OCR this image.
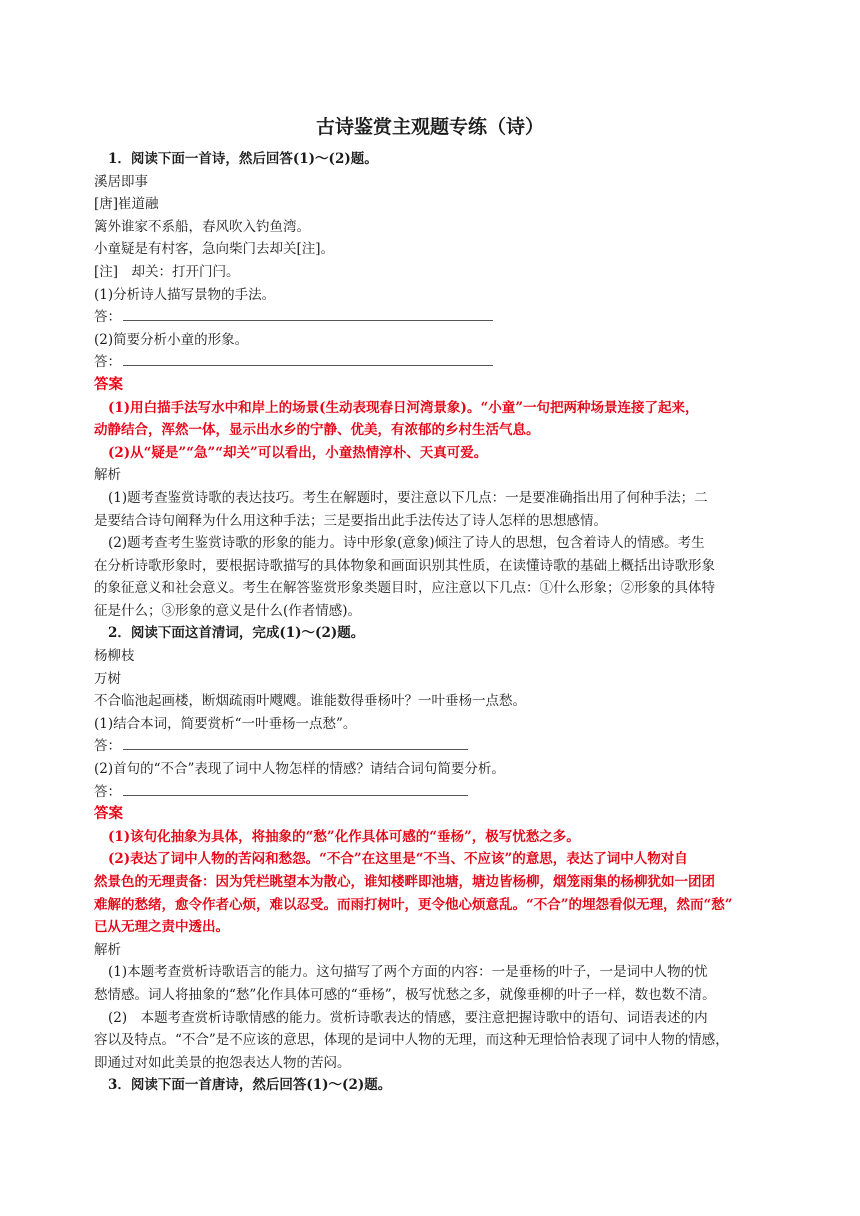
古诗鉴赏主观题专练（诗）
1．阅读下面一首诗，然后回答(1)～(2)题。
溪居即事
[唐]崔道融
篱外谁家不系船，春风吹入钓鱼湾。
小童疑是有村客，急向柴门去却关[注]。
[注]　却关：打开门闩。
(1)分析诗人描写景物的手法。
答：
(2)简要分析小童的形象。
答：
答案
(1)用白描手法写水中和岸上的场景(生动表现春日河湾景象)。“小童”一句把两种场景连接了起来，
动静结合，浑然一体，显示出水乡的宁静、优美，有浓郁的乡村生活气息。
(2)从“疑是”“急”“却关”可以看出，小童热情淳朴、天真可爱。
解析
(1)题考查鉴赏诗歌的表达技巧。考生在解题时，要注意以下几点：一是要准确指出用了何种手法；二
是要结合诗句阐释为什么用这种手法；三是要指出此手法传达了诗人怎样的思想感情。
(2)题考查考生鉴赏诗歌的形象的能力。诗中形象(意象)倾注了诗人的思想，包含着诗人的情感。考生
在分析诗歌形象时，要根据诗歌描写的具体物象和画面识别其性质，在读懂诗歌的基础上概括出诗歌形象
的象征意义和社会意义。考生在解答鉴赏形象类题目时，应注意以下几点：①什么形象；②形象的具体特
征是什么；③形象的意义是什么(作者情感)。
2．阅读下面这首清词，完成(1)～(2)题。
杨柳枝
万树
不合临池起画楼，断烟疏雨叶飕飕。谁能数得垂杨叶？一叶垂杨一点愁。
(1)结合本词，简要赏析“一叶垂杨一点愁”。
答：
(2)首句的“不合”表现了词中人物怎样的情感？请结合词句简要分析。
答：
答案
(1)该句化抽象为具体，将抽象的“愁”化作具体可感的“垂杨”，极写忧愁之多。
(2)表达了词中人物的苦闷和愁怨。“不合”在这里是“不当、不应该”的意思，表达了词中人物对自
然景色的无理责备：因为凭栏眺望本为散心，谁知楼畔即池塘，塘边皆杨柳，烟笼雨集的杨柳犹如一团团
难解的愁绪，愈令作者心烦，难以忍受。而雨打树叶，更令他心烦意乱。“不合”的埋怨看似无理，然而“愁”
已从无理之责中透出。
解析
(1)本题考查赏析诗歌语言的能力。这句描写了两个方面的内容：一是垂杨的叶子，一是词中人物的忧
愁情感。词人将抽象的“愁”化作具体可感的“垂杨”，极写忧愁之多，就像垂柳的叶子一样，数也数不清。
(2)　本题考查赏析诗歌情感的能力。赏析诗歌表达的情感，要注意把握诗歌中的语句、词语表述的内
容以及特点。“不合”是不应该的意思，体现的是词中人物的无理，而这种无理恰恰表现了词中人物的情感，
即通过对如此美景的抱怨表达人物的苦闷。
3．阅读下面一首唐诗，然后回答(1)～(2)题。
